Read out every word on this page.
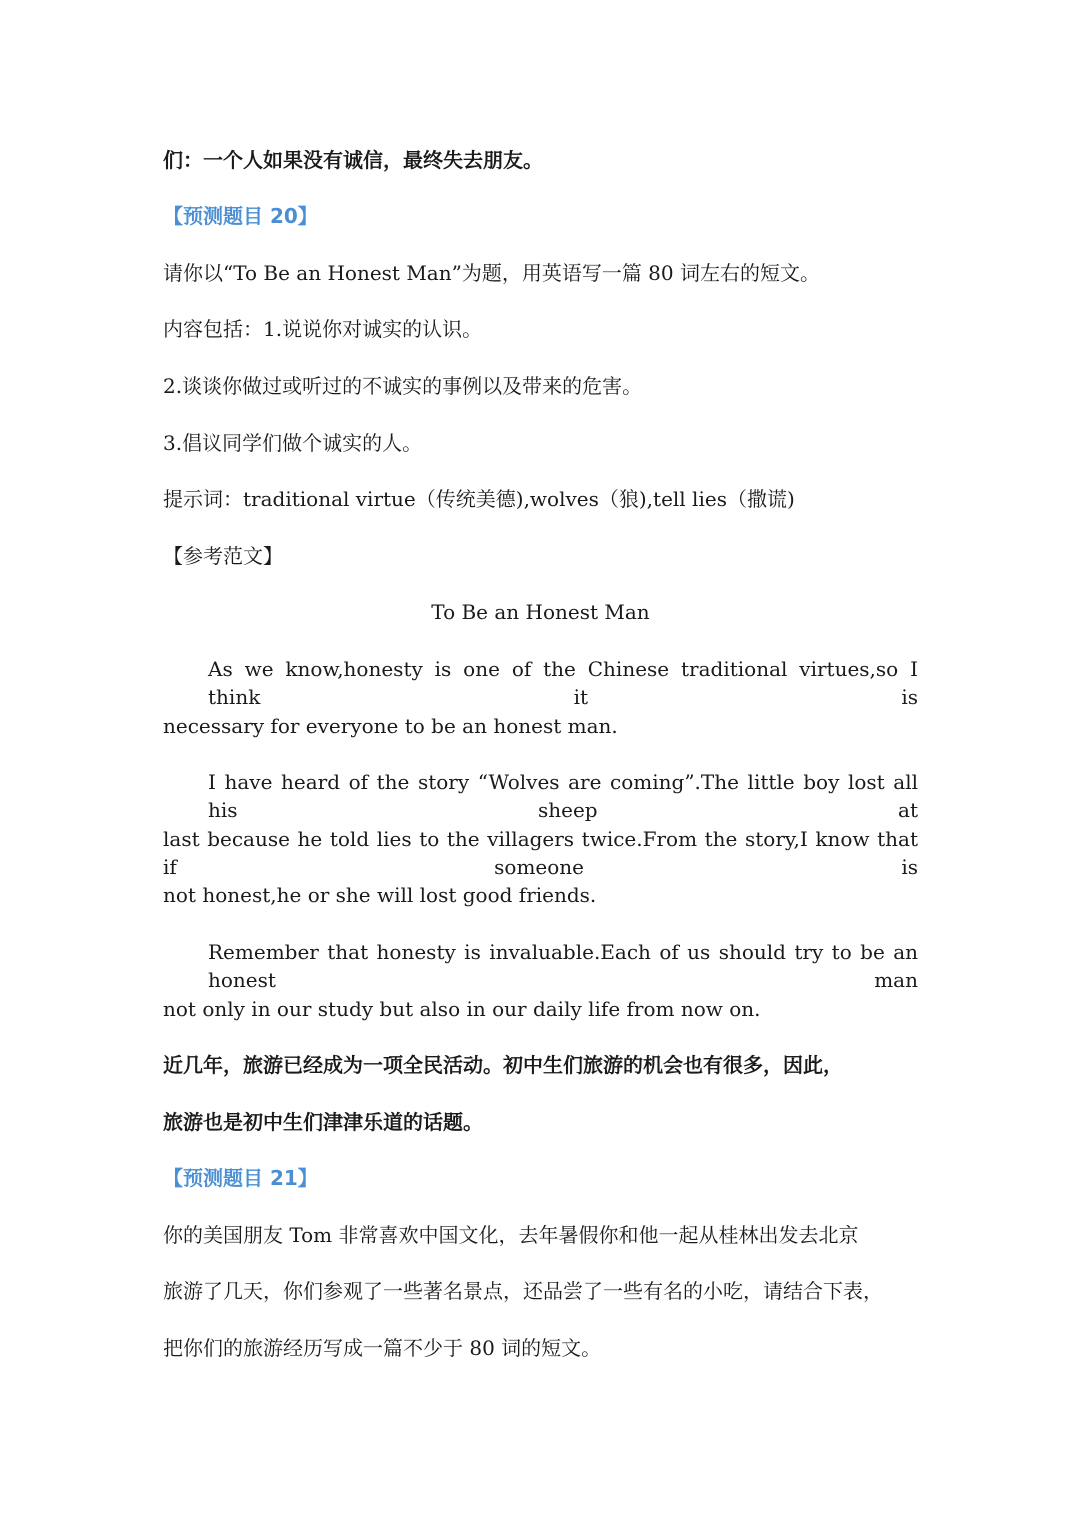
们：一个人如果没有诚信，最终失去朋友。
【预测题目 20】
请你以“To Be an Honest Man”为题，用英语写一篇 80 词左右的短文。
内容包括：1.说说你对诚实的认识。
2.谈谈你做过或听过的不诚实的事例以及带来的危害。
3.倡议同学们做个诚实的人。
提示词：traditional virtue（传统美德),wolves（狼),tell lies（撒谎)
【参考范文】
To Be an Honest Man
As we know,honesty is one of the Chinese traditional virtues,so I think it is
necessary for everyone to be an honest man.
I have heard of the story “Wolves are coming”.The little boy lost all his sheep at
last because he told lies to the villagers twice.From the story,I know that if someone is
not honest,he or she will lost good friends.
Remember that honesty is invaluable.Each of us should try to be an honest man
not only in our study but also in our daily life from now on.
近几年，旅游已经成为一项全民活动。初中生们旅游的机会也有很多，因此，
旅游也是初中生们津津乐道的话题。
【预测题目 21】
你的美国朋友 Tom 非常喜欢中国文化，去年暑假你和他一起从桂林出发去北京
旅游了几天，你们参观了一些著名景点，还品尝了一些有名的小吃，请结合下表，
把你们的旅游经历写成一篇不少于 80 词的短文。
